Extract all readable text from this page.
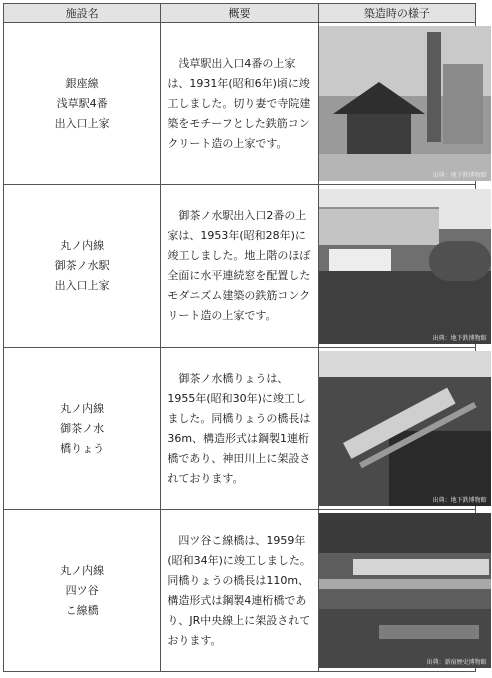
施設名	概要	築造時の様子

銀座線
浅草駅4番
出入口上家	浅草駅出入口4番の上家は、1931年(昭和6年)頃に竣工しました。切り妻で寺院建築をモチーフとした鉄筋コンクリート造の上家です。	出典：地下鉄博物館

丸ノ内線
御茶ノ水駅
出入口上家	御茶ノ水駅出入口2番の上家は、1953年(昭和28年)に竣工しました。地上階のほぼ全面に水平連続窓を配置したモダニズム建築の鉄筋コンクリート造の上家です。	出典：地下鉄博物館

丸ノ内線
御茶ノ水
橋りょう	御茶ノ水橋りょうは、1955年(昭和30年)に竣工しました。同橋りょうの橋長は36m、構造形式は鋼製1連桁橋であり、神田川上に架設されております。	出典：地下鉄博物館

丸ノ内線
四ツ谷
こ線橋	四ツ谷こ線橋は、1959年(昭和34年)に竣工しました。同橋りょうの橋長は110m、構造形式は鋼製4連桁橋であり、JR中央線上に架設されております。	出典：新宿歴史博物館
